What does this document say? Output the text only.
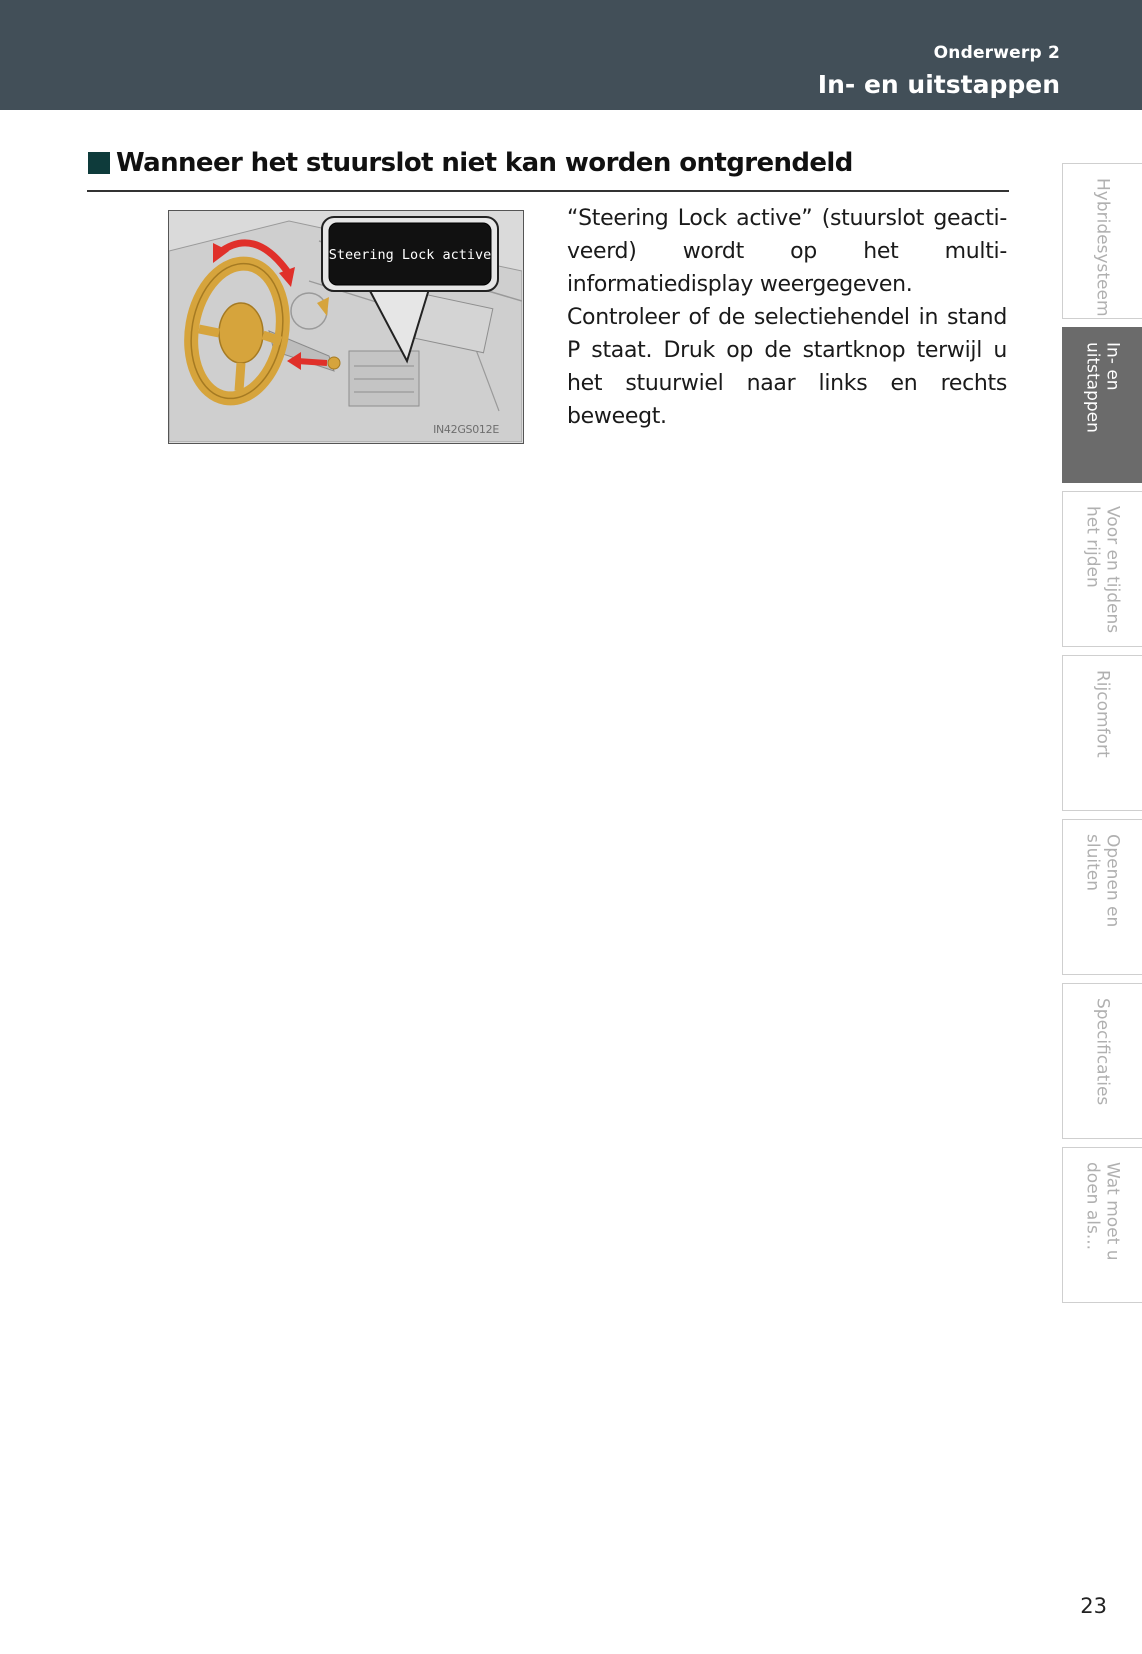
Onderwerp 2
In- en uitstappen
Wanneer het stuurslot niet kan worden ontgrendeld
Steering Lock active
IN42GS012E

“Steering Lock active” (stuurslot geacti-veerd) wordt op het multi-informatiedisplay weergegeven.

Controleer of de selectiehendel in stand P staat. Druk op de startknop terwijl u het stuurwiel naar links en rechts beweegt.

Hybridesysteem
In- en uitstappen
Voor en tijdens
het rijden
Rijcomfort
Openen en
sluiten
Specificaties
Wat moet u
doen als...
23
